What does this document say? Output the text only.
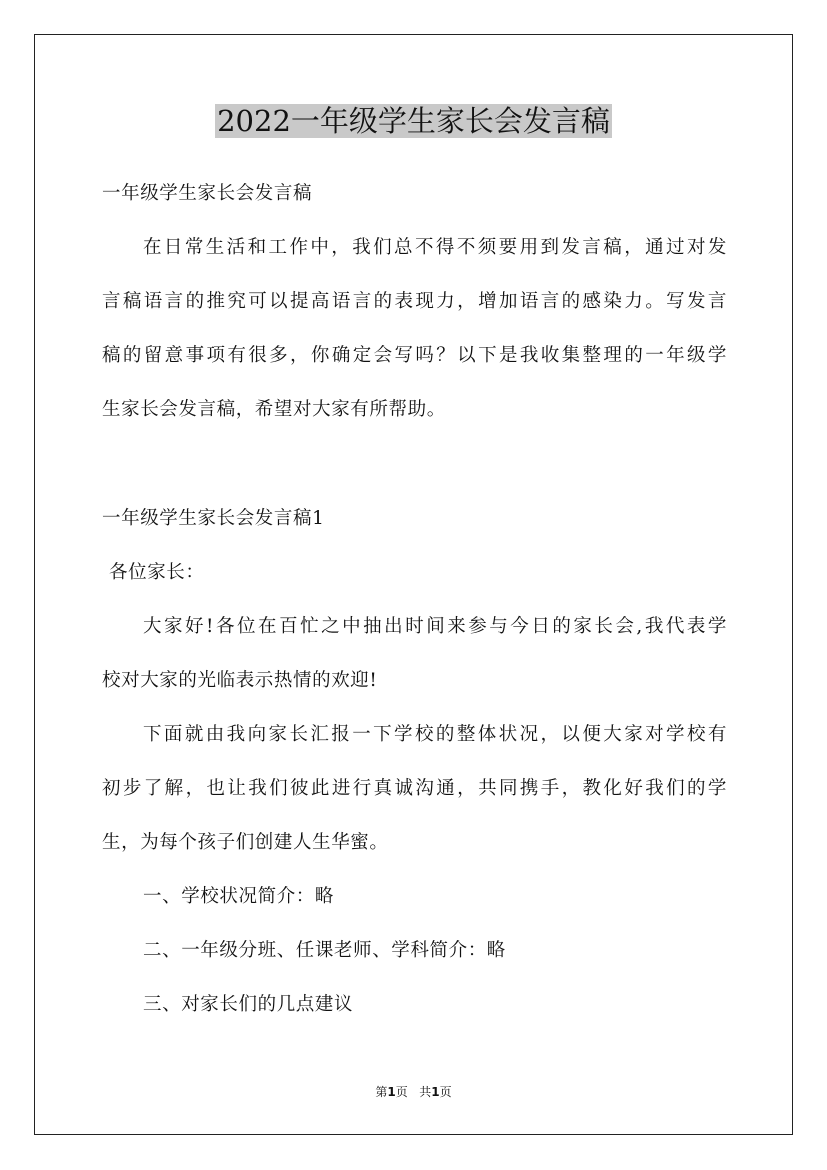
2022一年级学生家长会发言稿
一年级学生家长会发言稿
在日常生活和工作中，我们总不得不须要用到发言稿，通过对发
言稿语言的推究可以提高语言的表现力，增加语言的感染力。写发言
稿的留意事项有很多，你确定会写吗？以下是我收集整理的一年级学
生家长会发言稿，希望对大家有所帮助。
一年级学生家长会发言稿1
各位家长：
大家好!各位在百忙之中抽出时间来参与今日的家长会,我代表学
校对大家的光临表示热情的欢迎!
下面就由我向家长汇报一下学校的整体状况，以便大家对学校有
初步了解，也让我们彼此进行真诚沟通，共同携手，教化好我们的学
生，为每个孩子们创建人生华蜜。
一、学校状况简介：略
二、一年级分班、任课老师、学科简介：略
三、对家长们的几点建议
第1页 共1页
